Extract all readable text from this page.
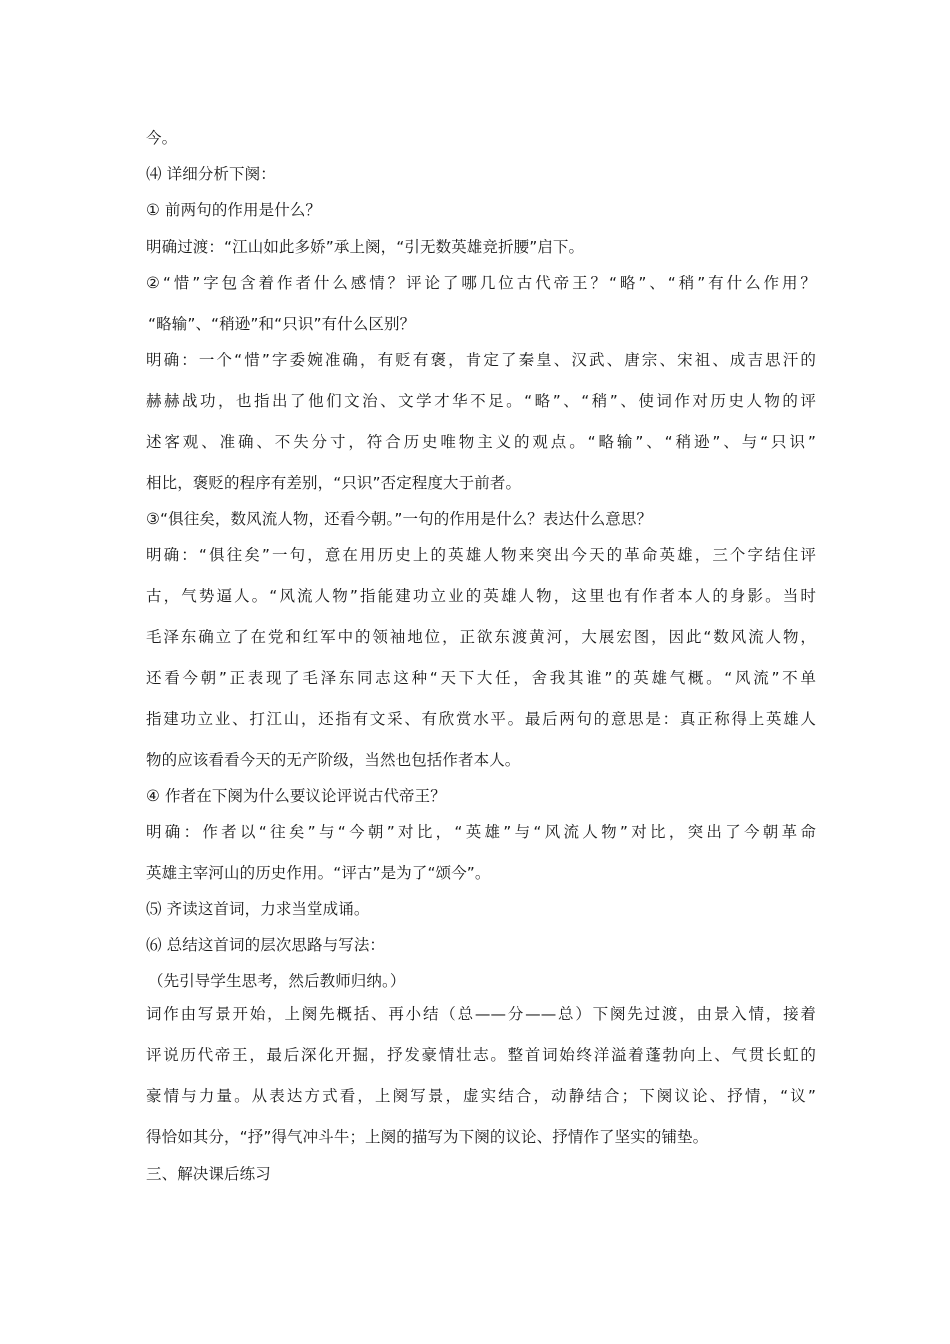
今。
⑷ 详细分析下阕：
① 前两句的作用是什么？
明确过渡：“江山如此多娇”承上阕，“引无数英雄竞折腰”启下。
②“惜”字包含着作者什么感情？评论了哪几位古代帝王？“略”、“稍”有什么作用？
“略输”、“稍逊”和“只识”有什么区别？
明确：一个“惜”字委婉准确，有贬有褒，肯定了秦皇、汉武、唐宗、宋祖、成吉思汗的
赫赫战功，也指出了他们文治、文学才华不足。“略”、“稍”、使词作对历史人物的评
述客观、准确、不失分寸，符合历史唯物主义的观点。“略输”、“稍逊”、与“只识”
相比，褒贬的程序有差别，“只识”否定程度大于前者。
③“俱往矣，数风流人物，还看今朝。”一句的作用是什么？表达什么意思？
明确：“俱往矣”一句，意在用历史上的英雄人物来突出今天的革命英雄，三个字结住评
古，气势逼人。“风流人物”指能建功立业的英雄人物，这里也有作者本人的身影。当时
毛泽东确立了在党和红军中的领袖地位，正欲东渡黄河，大展宏图，因此“数风流人物，
还看今朝”正表现了毛泽东同志这种“天下大任，舍我其谁”的英雄气概。“风流”不单
指建功立业、打江山，还指有文采、有欣赏水平。最后两句的意思是：真正称得上英雄人
物的应该看看今天的无产阶级，当然也包括作者本人。
④ 作者在下阕为什么要议论评说古代帝王？
明确：作者以“往矣”与“今朝”对比，“英雄”与“风流人物”对比，突出了今朝革命
英雄主宰河山的历史作用。“评古”是为了“颂今”。
⑸ 齐读这首词，力求当堂成诵。
⑹ 总结这首词的层次思路与写法：
（先引导学生思考，然后教师归纳。）
词作由写景开始，上阕先概括、再小结（总——分——总）下阕先过渡，由景入情，接着
评说历代帝王，最后深化开掘，抒发豪情壮志。整首词始终洋溢着蓬勃向上、气贯长虹的
豪情与力量。从表达方式看，上阕写景，虚实结合，动静结合；下阕议论、抒情，“议”
得恰如其分，“抒”得气冲斗牛；上阕的描写为下阕的议论、抒情作了坚实的铺垫。
三、解决课后练习
